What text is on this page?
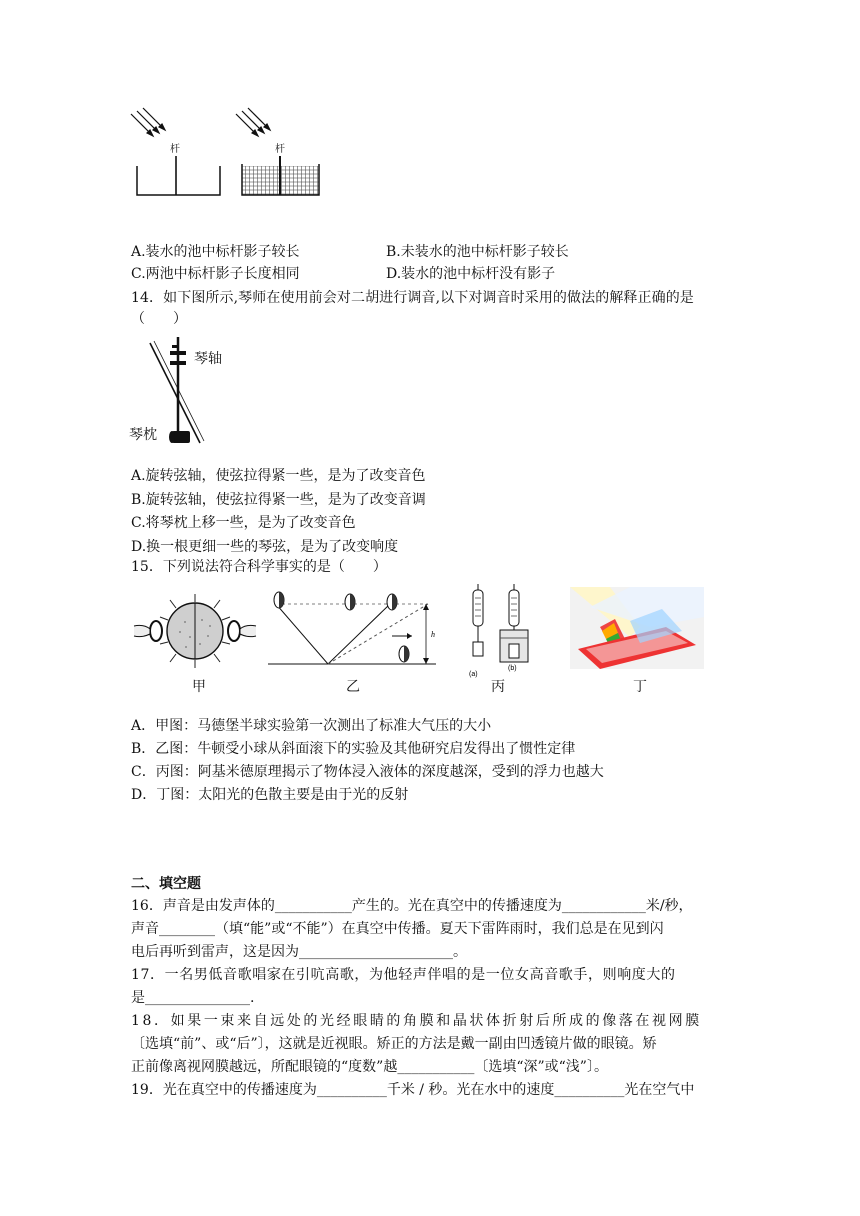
杆	杆
A.装水的池中标杆影子较长	B.未装水的池中标杆影子较长
C.两池中标杆影子长度相同	D.装水的池中标杆没有影子
14．如下图所示,琴师在使用前会对二胡进行调音,以下对调音时采用的做法的解释正确的是
（　　）
琴轴
琴枕
A.旋转弦轴，使弦拉得紧一些，是为了改变音色
B.旋转弦轴，使弦拉得紧一些，是为了改变音调
C.将琴枕上移一些，是为了改变音色
D.换一根更细一些的琴弦，是为了改变响度
15．下列说法符合科学事实的是（　　）
h
(a)
(b)
甲	乙	丙	丁
A．甲图：马德堡半球实验第一次测出了标准大气压的大小
B．乙图：牛顿受小球从斜面滚下的实验及其他研究启发得出了惯性定律
C．丙图：阿基米德原理揭示了物体浸入液体的深度越深，受到的浮力也越大
D．丁图：太阳光的色散主要是由于光的反射
二、填空题
16．声音是由发声体的___________产生的。光在真空中的传播速度为____________米/秒，
声音________（填“能”或“不能”）在真空中传播。夏天下雷阵雨时，我们总是在见到闪
电后再听到雷声，这是因为______________________。
17．一名男低音歌唱家在引吭高歌，为他轻声伴唱的是一位女高音歌手，则响度大的
是_______________.
18．如果一束来自远处的光经眼睛的角膜和晶状体折射后所成的像落在视网膜
〔选填“前”、或“后”〕，这就是近视眼。矫正的方法是戴一副由凹透镜片做的眼镜。矫
正前像离视网膜越远，所配眼镜的“度数”越___________〔选填“深”或“浅”〕。
19．光在真空中的传播速度为__________千米 / 秒。光在水中的速度__________光在空气中
